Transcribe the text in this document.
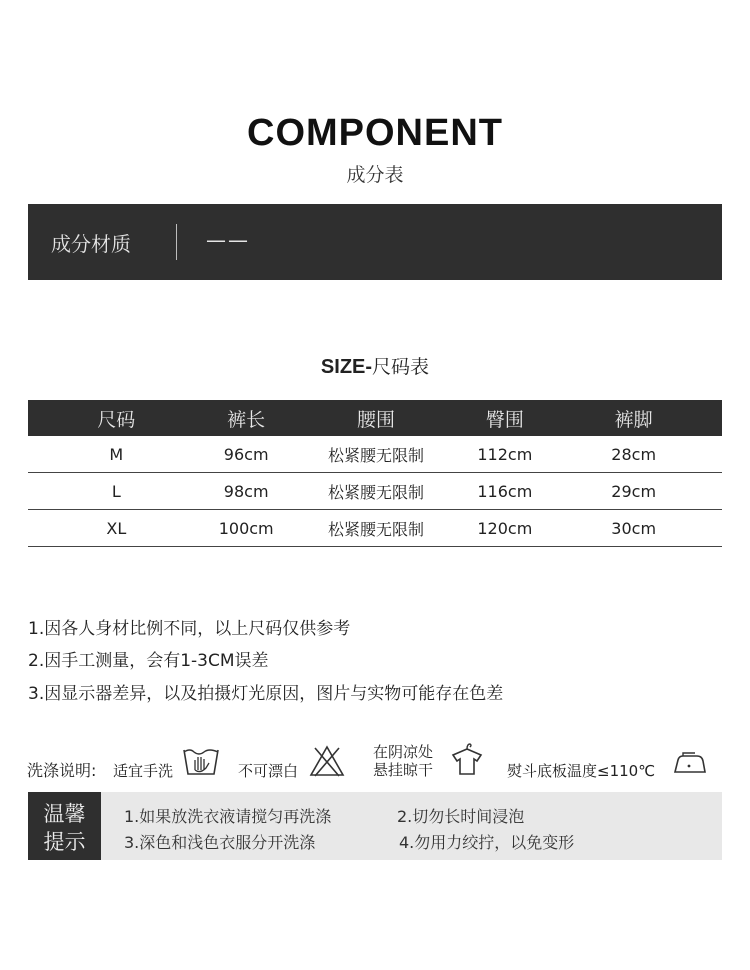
COMPONENT
成分表
成分材质	——
SIZE-尺码表
尺码	裤长	腰围	臀围	裤脚
M	96cm	松紧腰无限制	112cm	28cm
L	98cm	松紧腰无限制	116cm	29cm
XL	100cm	松紧腰无限制	120cm	30cm
1.因各人身材比例不同，以上尺码仅供参考
2.因手工测量，会有1-3CM误差
3.因显示器差异，以及拍摄灯光原因，图片与实物可能存在色差
洗涤说明: 适宜手洗	不可漂白
在阴凉处
悬挂晾干	熨斗底板温度≤110℃
温馨
提示
1.如果放洗衣液请搅匀再洗涤	2.切勿长时间浸泡
3.深色和浅色衣服分开洗涤	4.勿用力绞拧，以免变形
